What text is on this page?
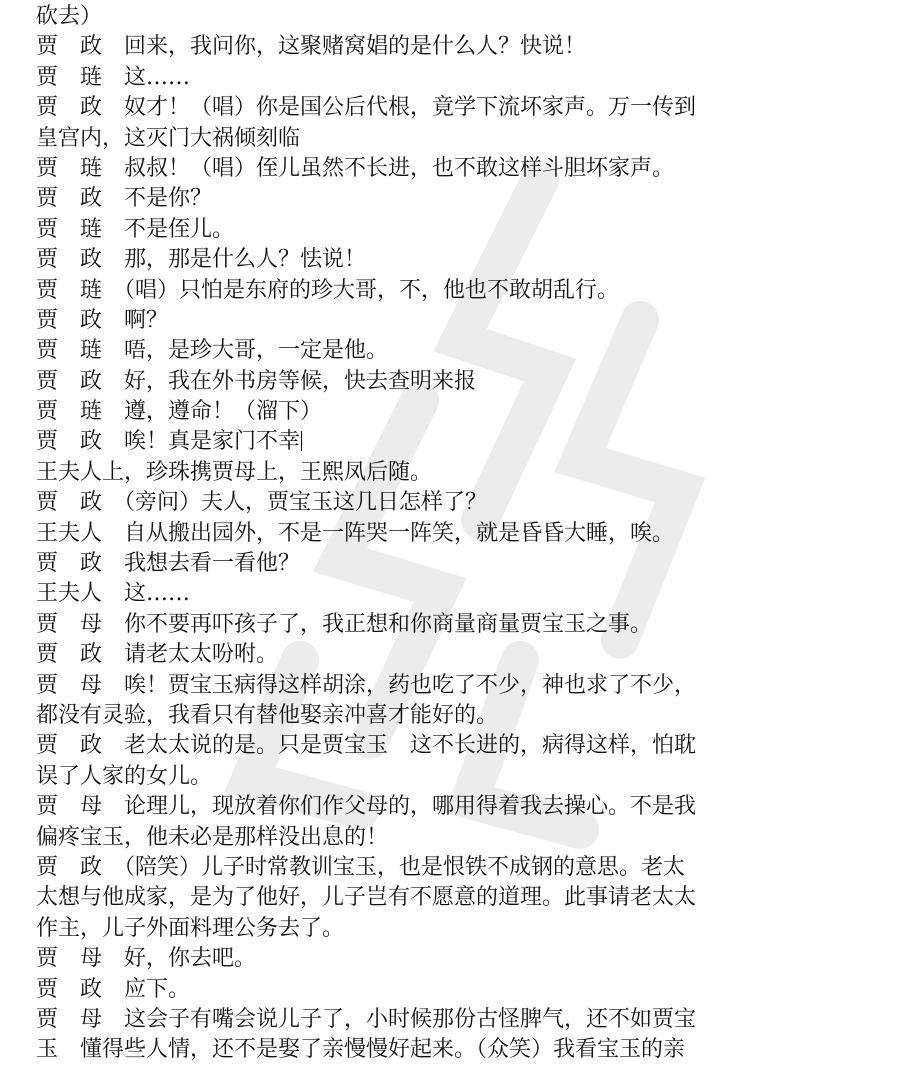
砍去）
贾　政　回来，我问你，这聚赌窝娼的是什么人？快说！
贾　琏　这……
贾　政　奴才！（唱）你是国公后代根，竟学下流坏家声。万一传到
皇宫内，这灭门大祸倾刻临
贾　琏　叔叔！（唱）侄儿虽然不长进，也不敢这样斗胆坏家声。
贾　政　不是你？
贾　琏　不是侄儿。
贾　政　那，那是什么人？怯说！
贾　琏　（唱）只怕是东府的珍大哥，不，他也不敢胡乱行。
贾　政　啊？
贾　琏　唔，是珍大哥，一定是他。
贾　政　好，我在外书房等候，快去查明来报
贾　琏　遵，遵命！（溜下）
贾　政　唉！真是家门不幸
王夫人上，珍珠携贾母上，王熙凤后随。
贾　政　（旁问）夫人，贾宝玉这几日怎样了？
王夫人　自从搬出园外，不是一阵哭一阵笑，就是昏昏大睡，唉。
贾　政　我想去看一看他？
王夫人　这……
贾　母　你不要再吓孩子了，我正想和你商量商量贾宝玉之事。
贾　政　请老太太吩咐。
贾　母　唉！贾宝玉病得这样胡涂，药也吃了不少，神也求了不少，
都没有灵验，我看只有替他娶亲冲喜才能好的。
贾　政　老太太说的是。只是贾宝玉　这不长进的，病得这样，怕耽
误了人家的女儿。
贾　母　论理儿，现放着你们作父母的，哪用得着我去操心。不是我
偏疼宝玉，他未必是那样没出息的！
贾　政　（陪笑）儿子时常教训宝玉，也是恨铁不成钢的意思。老太
太想与他成家，是为了他好，儿子岂有不愿意的道理。此事请老太太
作主，儿子外面料理公务去了。
贾　母　好，你去吧。
贾　政　应下。
贾　母　这会子有嘴会说儿子了，小时候那份古怪脾气，还不如贾宝
玉　懂得些人情，还不是娶了亲慢慢好起来。（众笑）我看宝玉的亲
